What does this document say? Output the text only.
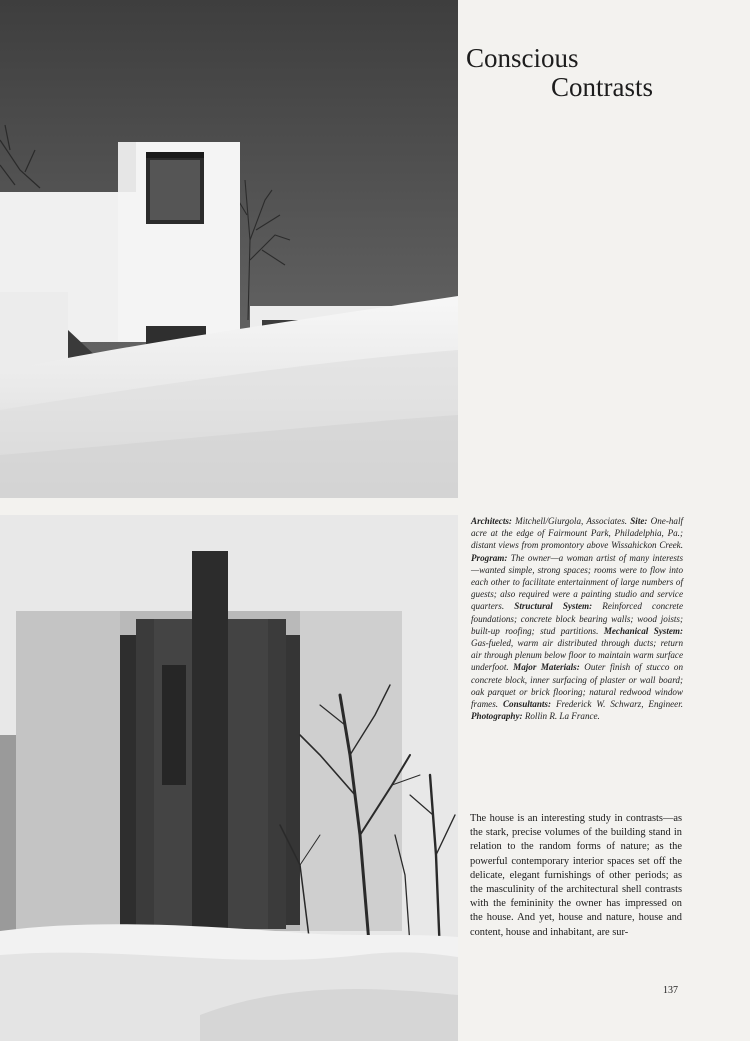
Conscious
Contrasts
Architects: Mitchell/Giurgola, Associates. Site: One-half acre at the edge of Fairmount Park, Philadelphia, Pa.; distant views from promontory above Wissahickon Creek. Program: The owner—a woman artist of many interests—wanted simple, strong spaces; rooms were to flow into each other to facilitate entertainment of large numbers of guests; also required were a painting studio and service quarters. Structural System: Reinforced concrete foundations; concrete block bearing walls; wood joists; built-up roofing; stud partitions. Mechanical System: Gas-fueled, warm air distributed through ducts; return air through plenum below floor to maintain warm surface underfoot. Major Materials: Outer finish of stucco on concrete block, inner surfacing of plaster or wall board; oak parquet or brick flooring; natural redwood window frames. Consultants: Frederick W. Schwarz, Engineer. Photography: Rollin R. La France.

The house is an interesting study in contrasts—as the stark, precise volumes of the building stand in relation to the random forms of nature; as the powerful contemporary interior spaces set off the delicate, elegant furnishings of other periods; as the masculinity of the architectural shell contrasts with the femininity the owner has impressed on the house. And yet, house and nature, house and content, house and inhabitant, are sur-

137
